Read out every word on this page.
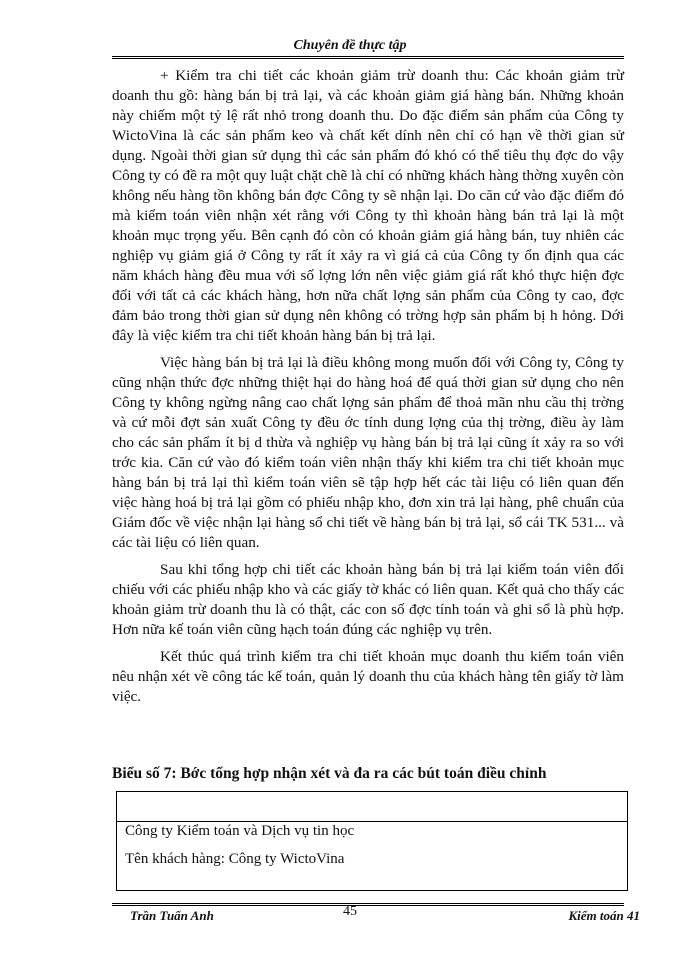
Chuyên đề thực tập

+ Kiểm tra chi tiết các khoản giảm trừ doanh thu: Các khoản giảm trừ doanh thu gồ: hàng bán bị trả lại, và các khoản giảm giá hàng bán. Những khoản này chiếm một tỷ lệ rất nhỏ trong doanh thu. Do đặc điểm sản phẩm của Công ty WictoVina là các sản phẩm keo và chất kết dính nên chỉ có hạn về thời gian sử dụng. Ngoài thời gian sử dụng thì các sản phẩm đó khó có thể tiêu thụ đợc do vậy Công ty có đề ra một quy luật chặt chẽ là chỉ có những khách hàng thờng xuyên còn không nếu hàng tồn không bán đợc Công ty sẽ nhận lại. Do căn cứ vào đặc điểm đó mà kiểm toán viên nhận xét rằng với Công ty thì khoản hàng bán trả lại là một khoản mục trọng yếu. Bên cạnh đó còn có khoản giảm giá hàng bán, tuy nhiên các nghiệp vụ giảm giá ở Công ty rất ít xảy ra vì giá cả của Công ty ổn định qua các năm khách hàng đều mua với số lợng lớn nên việc giảm giá rất khó thực hiện đợc đối với tất cả các khách hàng, hơn nữa chất lợng sản phẩm của Công ty cao, đợc đảm bảo trong thời gian sử dụng nên không có trờng hợp sản phẩm bị h hỏng. Dới đây là việc kiểm tra chi tiết khoản hàng bán bị trả lại.

Việc hàng bán bị trả lại là điều không mong muốn đối với Công ty, Công ty cũng nhận thức đợc những thiệt hại do hàng hoá để quá thời gian sử dụng cho nên Công ty không ngừng nâng cao chất lợng sản phẩm để thoả mãn nhu cầu thị trờng và cứ mỗi đợt sản xuất Công ty đều ớc tính dung lợng của thị trờng, điều ày làm cho các sản phẩm ít bị d thừa và nghiệp vụ hàng bán bị trả lại cũng ít xảy ra so với trớc kia. Căn cứ vào đó kiểm toán viên nhận thấy khi kiểm tra chi tiết khoản mục hàng bán bị trả lại thì kiểm toán viên sẽ tập hợp hết các tài liệu có liên quan đến việc hàng hoá bị trả lại gồm có phiếu nhập kho, đơn xin trả lại hàng, phê chuẩn của Giám đốc về việc nhận lại hàng sổ chi tiết về hàng bán bị trả lại, sổ cái TK 531... và các tài liệu có liên quan.

Sau khi tổng hợp chi tiết các khoản hàng bán bị trả lại kiểm toán viên đối chiếu với các phiếu nhập kho và các giấy tờ khác có liên quan. Kết quả cho thấy các khoản giảm trừ doanh thu là có thật, các con số đợc tính toán và ghi sổ là phù hợp. Hơn nữa kế toán viên cũng hạch toán đúng các nghiệp vụ trên.

Kết thúc quá trình kiểm tra chi tiết khoản mục doanh thu kiểm toán viên nêu nhận xét về công tác kế toán, quản lý doanh thu của khách hàng tên giấy tờ làm việc.

Biểu số 7: Bớc tổng hợp nhận xét và đa ra các bút toán điều chỉnh
Công ty Kiểm toán và Dịch vụ tin học
Tên khách hàng: Công ty WictoVina
Trần Tuấn Anh	45	Kiểm toán 41
